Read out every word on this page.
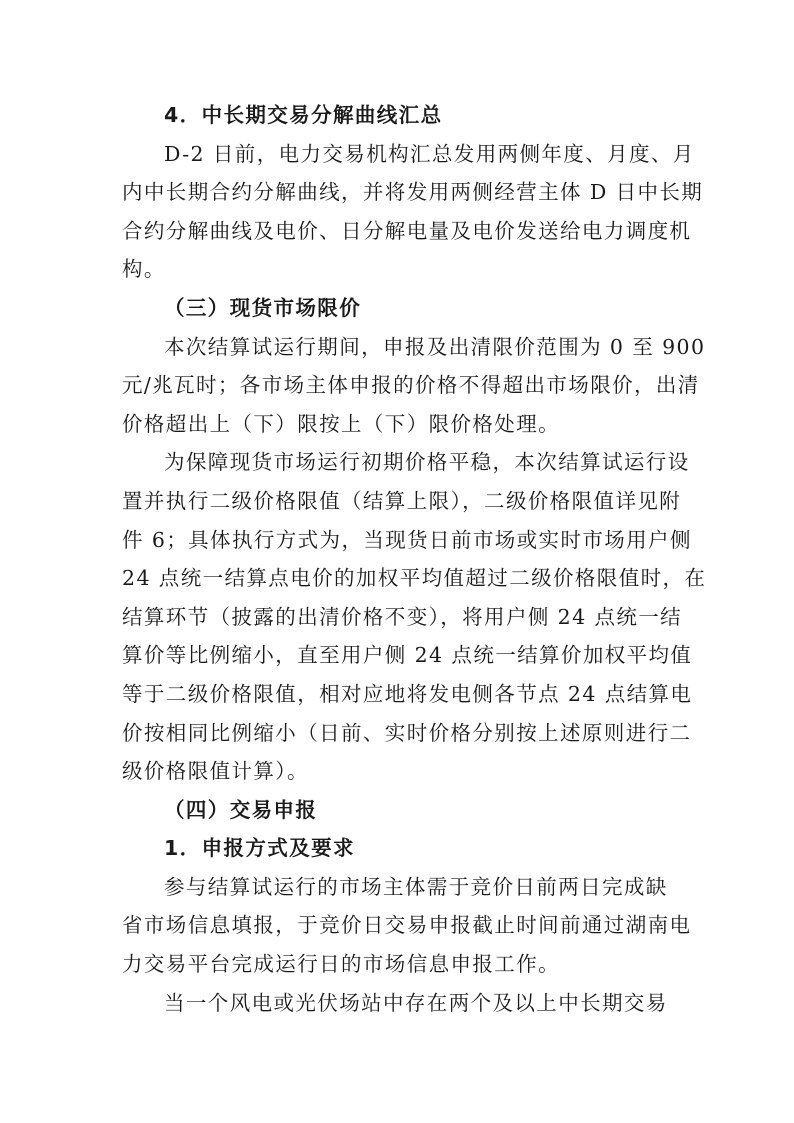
4．中长期交易分解曲线汇总
D-2 日前，电力交易机构汇总发用两侧年度、月度、月
内中长期合约分解曲线，并将发用两侧经营主体 D 日中长期
合约分解曲线及电价、日分解电量及电价发送给电力调度机
构。
（三）现货市场限价
本次结算试运行期间，申报及出清限价范围为 0 至 900
元/兆瓦时；各市场主体申报的价格不得超出市场限价，出清
价格超出上（下）限按上（下）限价格处理。
为保障现货市场运行初期价格平稳，本次结算试运行设
置并执行二级价格限值（结算上限），二级价格限值详见附
件 6；具体执行方式为，当现货日前市场或实时市场用户侧
24 点统一结算点电价的加权平均值超过二级价格限值时，在
结算环节（披露的出清价格不变），将用户侧 24 点统一结
算价等比例缩小，直至用户侧 24 点统一结算价加权平均值
等于二级价格限值，相对应地将发电侧各节点 24 点结算电
价按相同比例缩小（日前、实时价格分别按上述原则进行二
级价格限值计算）。
（四）交易申报
1．申报方式及要求
参与结算试运行的市场主体需于竞价日前两日完成缺
省市场信息填报，于竞价日交易申报截止时间前通过湖南电
力交易平台完成运行日的市场信息申报工作。
当一个风电或光伏场站中存在两个及以上中长期交易
